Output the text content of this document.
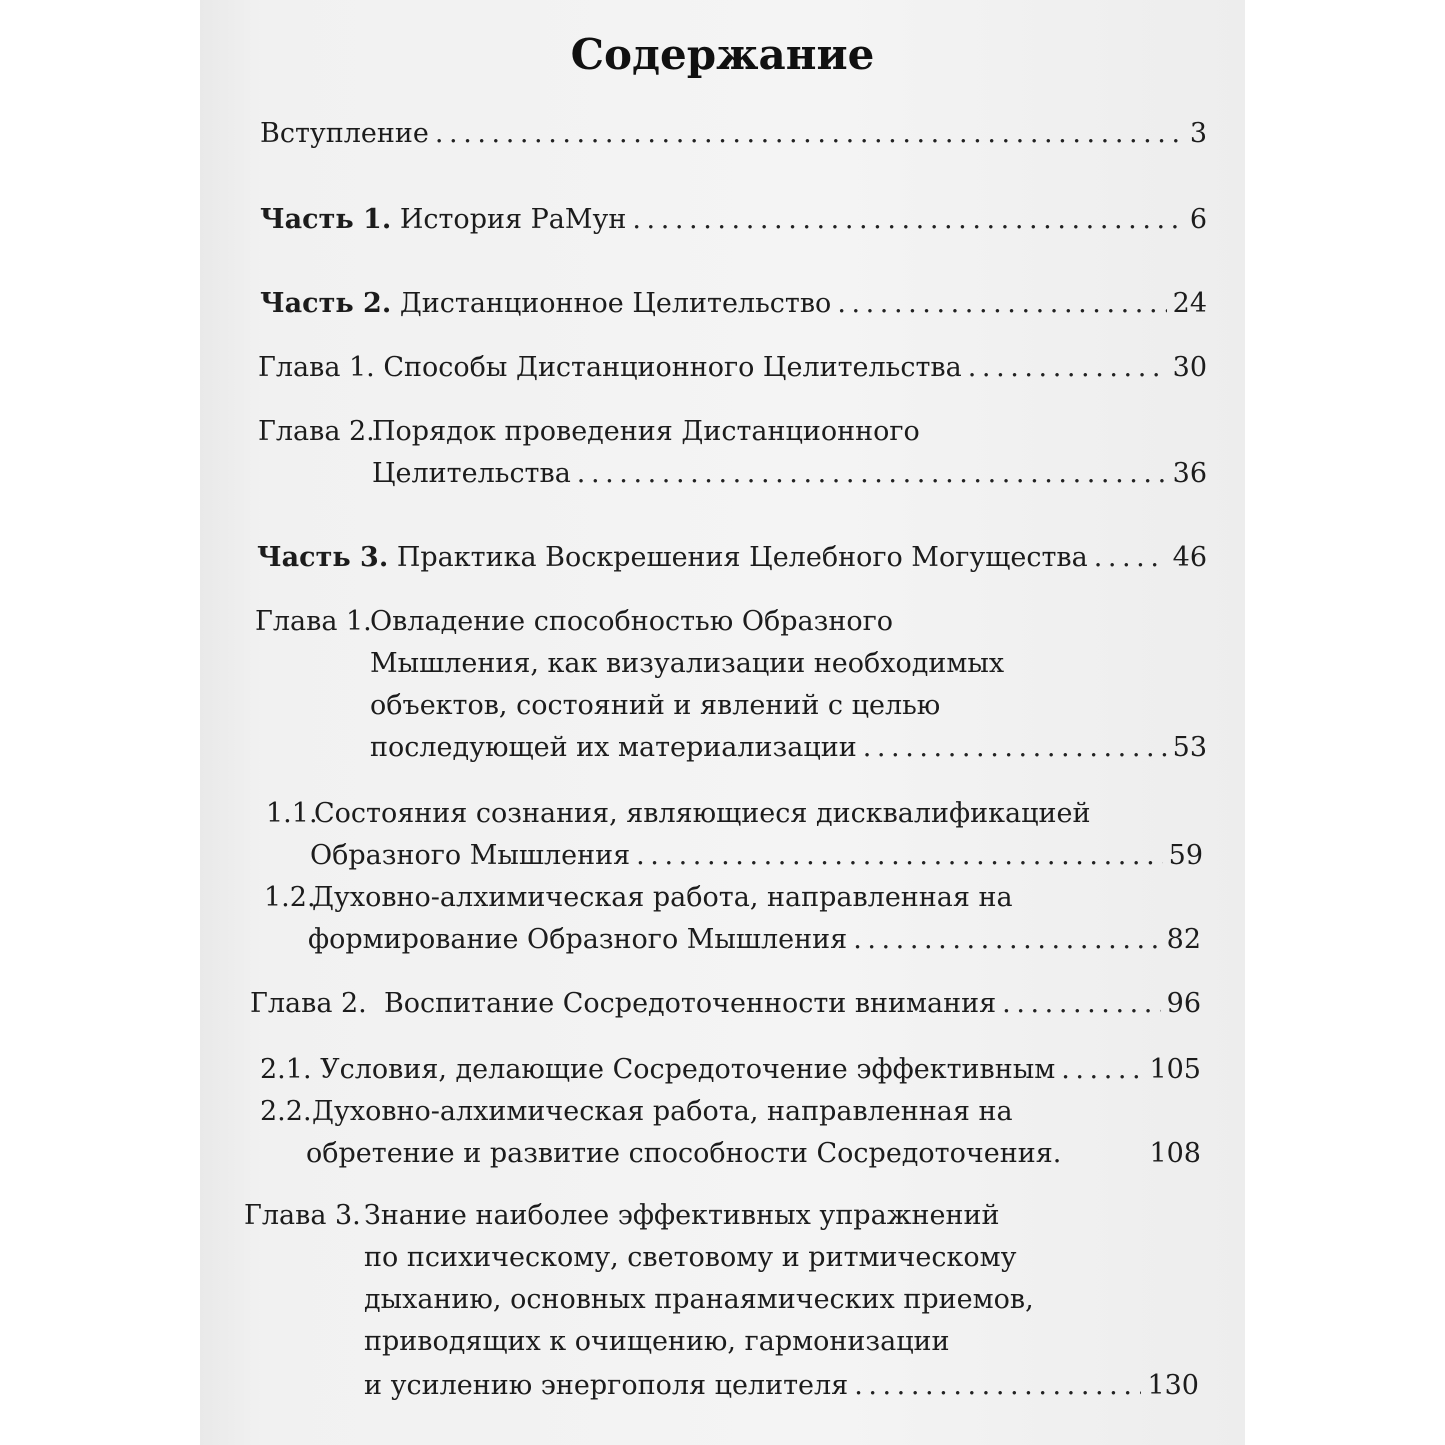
Содержание
Вступление . . .	3
Часть 1. История РаМун . . .	6
Часть 2. Дистанционное Целительство . . .	24
Глава 1. Способы Дистанционного Целительства . . .	30
Глава 2.
Порядок проведения Дистанционного
Целительства . . .	36
Часть 3. Практика Воскрешения Целебного Могущества . . .	46
Глава 1.
Овладение способностью Образного
Мышления, как визуализации необходимых
объектов, состояний и явлений с целью
последующей их материализации . . .	53
1.1.
Состояния сознания, являющиеся дисквалификацией
Образного Мышления . . .	59
1.2.
Духовно-алхимическая работа, направленная на
формирование Образного Мышления . . .	82
Глава 2. Воспитание Сосредоточенности внимания . . .	96
2.1. Условия, делающие Сосредоточение эффективным . . .	105
2.2. Духовно-алхимическая работа, направленная на
обретение и развитие способности Сосредоточения.	108
Глава 3. Знание наиболее эффективных упражнений
по психическому, световому и ритмическому
дыханию, основных пранаямических приемов,
приводящих к очищению, гармонизации
и усилению энергополя целителя . . .	130
